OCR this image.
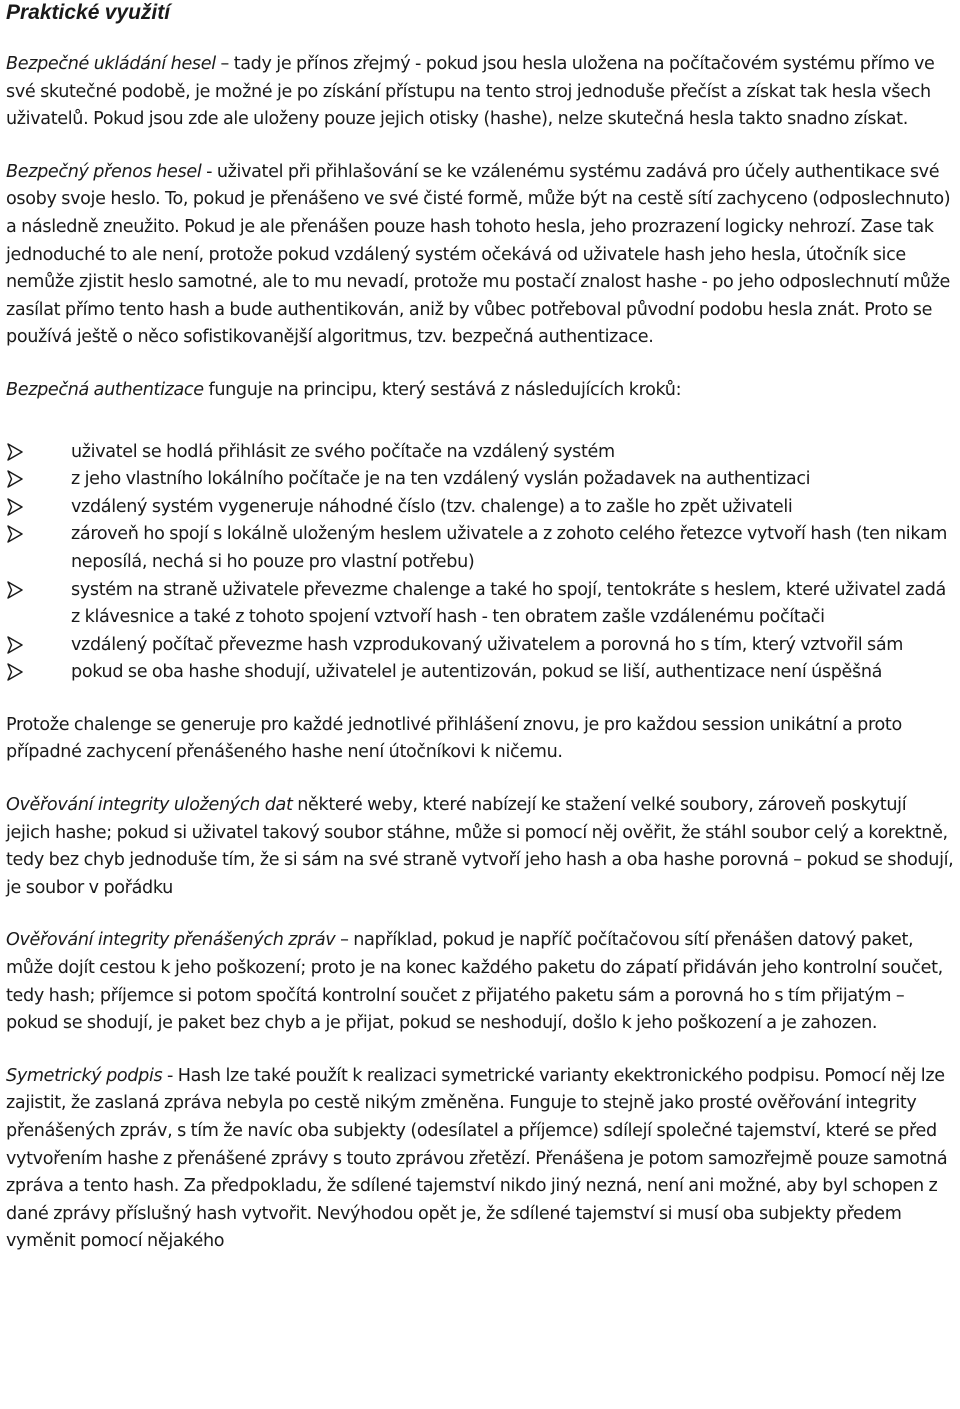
Praktické využití

Bezpečné ukládání hesel – tady je přínos zřejmý - pokud jsou hesla uložena na počítačovém systému přímo ve své skutečné podobě, je možné je po získání přístupu na tento stroj jednoduše přečíst a získat tak hesla všech uživatelů. Pokud jsou zde ale uloženy pouze jejich otisky (hashe), nelze skutečná hesla takto snadno získat.

Bezpečný přenos hesel - uživatel při přihlašování se ke vzálenému systému zadává pro účely authentikace své osoby svoje heslo. To, pokud je přenášeno ve své čisté formě, může být na cestě sítí zachyceno (odposlechnuto) a následně zneužito. Pokud je ale přenášen pouze hash tohoto hesla, jeho prozrazení logicky nehrozí. Zase tak jednoduché to ale není, protože pokud vzdálený systém očekává od uživatele hash jeho hesla, útočník sice nemůže zjistit heslo samotné, ale to mu nevadí, protože mu postačí znalost hashe - po jeho odposlechnutí může zasílat přímo tento hash a bude authentikován, aniž by vůbec potřeboval původní podobu hesla znát. Proto se používá ještě o něco sofistikovanější algoritmus, tzv. bezpečná authentizace.

Bezpečná authentizace funguje na principu, který sestává z následujících kroků:

uživatel se hodlá přihlásit ze svého počítače na vzdálený systém
z jeho vlastního lokálního počítače je na ten vzdálený vyslán požadavek na authentizaci
vzdálený systém vygeneruje náhodné číslo (tzv. chalenge) a to zašle ho zpět uživateli
zároveň ho spojí s lokálně uloženým heslem uživatele a z zohoto celého řetezce vytvoří hash (ten nikam neposílá, nechá si ho pouze pro vlastní potřebu)
systém na straně uživatele převezme chalenge a také ho spojí, tentokráte s heslem, které uživatel zadá z klávesnice a také z tohoto spojení vztvoří hash - ten obratem zašle vzdálenému počítači
vzdálený počítač převezme hash vzprodukovaný uživatelem a porovná ho s tím, který vztvořil sám
pokud se oba hashe shodují, uživatelel je autentizován, pokud se liší, authentizace není úspěšná

Protože chalenge se generuje pro každé jednotlivé přihlášení znovu, je pro každou session unikátní a proto případné zachycení přenášeného hashe není útočníkovi k ničemu.

Ověřování integrity uložených dat některé weby, které nabízejí ke stažení velké soubory, zároveň poskytují jejich hashe; pokud si uživatel takový soubor stáhne, může si pomocí něj ověřit, že stáhl soubor celý a korektně, tedy bez chyb jednoduše tím, že si sám na své straně vytvoří jeho hash a oba hashe porovná – pokud se shodují, je soubor v pořádku

Ověřování integrity přenášených zpráv – například, pokud je napříč počítačovou sítí přenášen datový paket, může dojít cestou k jeho poškození; proto je na konec každého paketu do zápatí přidáván jeho kontrolní součet, tedy hash; příjemce si potom spočítá kontrolní součet z přijatého paketu sám a porovná ho s tím přijatým – pokud se shodují, je paket bez chyb a je přijat, pokud se neshodují, došlo k jeho poškození a je zahozen.

Symetrický podpis - Hash lze také použít k realizaci symetrické varianty ekektronického podpisu. Pomocí něj lze zajistit, že zaslaná zpráva nebyla po cestě nikým změněna. Funguje to stejně jako prosté ověřování integrity přenášených zpráv, s tím že navíc oba subjekty (odesílatel a příjemce) sdílejí společné tajemství, které se před vytvořením hashe z přenášené zprávy s touto zprávou zřetězí. Přenášena je potom samozřejmě pouze samotná zpráva a tento hash. Za předpokladu, že sdílené tajemství nikdo jiný nezná, není ani možné, aby byl schopen z dané zprávy příslušný hash vytvořit. Nevýhodou opět je, že sdílené tajemství si musí oba subjekty předem vyměnit pomocí nějakého
